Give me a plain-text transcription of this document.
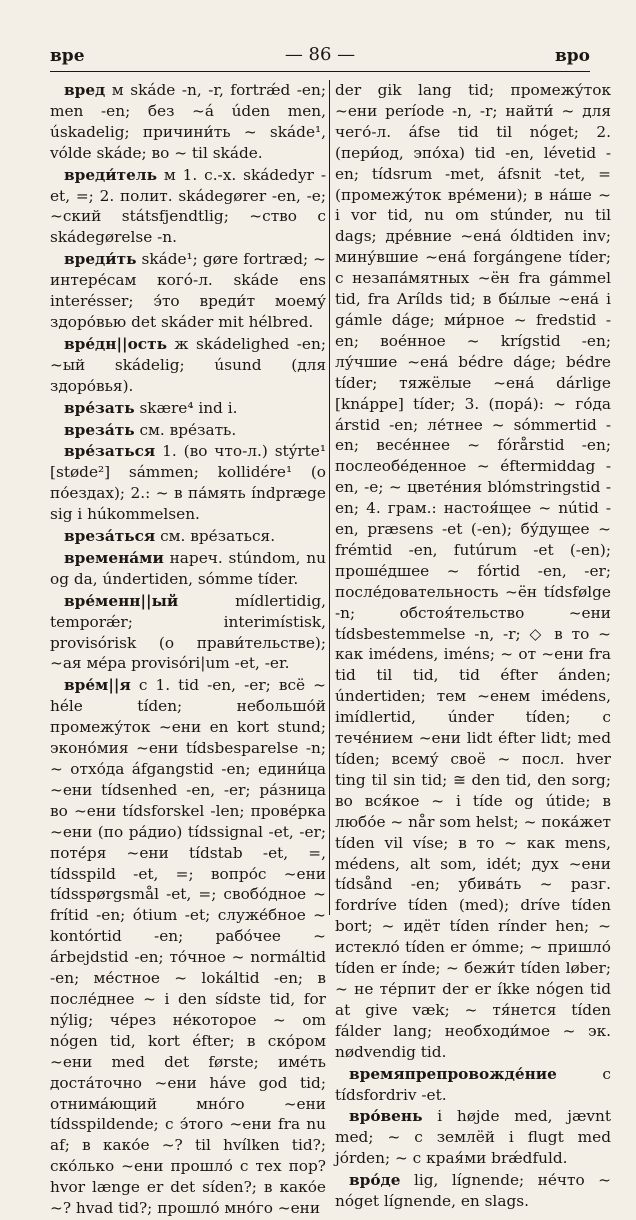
вре	— 86 —	вро

вред м skáde -n, -r, fortrǽd -en; men -en; без ~á úden men, úskadelig; причини́ть ~ skáde¹, vólde skáde; во ~ til skáde.

вреди́тель м 1. с.-х. skádedyr -et, =; 2. полит. skádegører -en, -e; ~ский státsfjendtlig; ~ство с skádegørelse -n.

вреди́ть skáde¹; gøre fortræd; ~ интере́сам когó-л. skáde ens interésser; э́то вреди́т моему́ здоро́вью det skáder mit hélbred.

вре́дн||ость ж skádelighed -en; ~ый skádelig; úsund (для здоро́вья).

вре́зать skære⁴ ind i.

вреза́ть см. вре́зать.

вре́заться 1. (во что-л.) stýrte¹ [støde²] sámmen; kollidére¹ (о по́ездах); 2.: ~ в па́мять índpræge sig i húkommelsen.

вреза́ться см. вре́заться.

времена́ми нареч. stúndom, nu og da, úndertiden, sómme tíder.

вре́менн||ый mídlertidig, temporǽr; interimístisk, provisórisk (о прави́тельстве); ~ая ме́ра provisóri|um -et, -er.

вре́м||я с 1. tid -en, -er; всё ~ héle tíden; небольшо́й промежу́ток ~ени en kort stund; эконо́мия ~ени tídsbesparelse -n; ~ отхо́да áfgangstid -en; едини́ца ~ени tídsenhed -en, -er; ра́зница во ~ени tídsforskel -len; прове́рка ~ени (по ра́дио) tídssignal -et, -er; поте́ря ~ени tídstab -et, =, tídsspild -et, =; вопро́с ~ени tídsspørgsmål -et, =; свобо́дное ~ frítid -en; ótium -et; служе́бное ~ kontórtid -en; рабо́чее ~ árbejdstid -en; то́чное ~ normáltid -en; ме́стное ~ lokáltid -en; в после́днее ~ i den sídste tid, for nýlig; че́рез не́которое ~ om nógen tid, kort éfter; в ско́ром ~ени med det første; име́ть доста́точно ~ени háve god tid; отнима́ющий мно́го ~ени tídsspildende; с э́того ~ени fra nu af; в како́е ~? til hvílken tid?; ско́лько ~ени прошло́ с тех пор? hvor længe er det síden?; в како́е ~? hvad tid?; прошло́ мно́го ~ени

der gik lang tid; промежу́ток ~ени període -n, -r; найти́ ~ для чего́-л. áfse tid til nóget; 2. (пери́од, эпо́ха) tid -en, lévetid -en; tídsrum -met, áfsnit -tet, = (промежу́ток вре́мени); в на́ше ~ i vor tid, nu om stúnder, nu til dags; дре́вние ~ена́ óldtiden inv; мину́вшие ~ена́ forgángene tíder; с незапа́мятных ~ён fra gámmel tid, fra Arílds tid; в бы́лые ~ена́ i gámle dáge; ми́рное ~ fredstid -en; вое́нное ~ krígstid -en; лу́чшие ~ена́ bédre dáge; bédre tíder; тяжёлые ~ена́ dárlige [knáppe] tíder; 3. (пора́): ~ го́да árstid -en; ле́тнее ~ sómmertid -en; весе́ннее ~ fórårstid -en; послеобе́денное ~ éftermiddag -en, -e; ~ цвете́ния blómstringstid -en; 4. грам.: настоя́щее ~ nútid -en, præsens -et (-en); бу́дущее ~ frémtid -en, futúrum -et (-en); проше́дшее ~ fórtid -en, -er; после́довательность ~ён tídsfølge -n; обстоя́тельство ~ени tídsbestemmelse -n, -r; ◇ в то ~ как imédens, iméns; ~ от ~ени fra tid til tid, tid éfter ánden; úndertiden; тем ~енем imédens, imídlertid, únder tíden; с тече́нием ~ени lidt éfter lidt; med tíden; всему́ своё ~ посл. hver ting til sin tid; ≅ den tid, den sorg; во вся́кое ~ i tíde og útide; в любо́е ~ når som helst; ~ пока́жет tíden vil víse; в то ~ как mens, médens, alt som, idét; дух ~ени tídsånd -en; убива́ть ~ разг. fordríve tíden (med); dríve tíden bort; ~ идёт tíden rínder hen; ~ истекло́ tíden er ómme; ~ пришло́ tíden er índe; ~ бежи́т tíden løber; ~ не те́рпит der er íkke nógen tid at give væk; ~ тя́нется tíden fálder lang; необходи́мое ~ эк. nødvendig tid.

времяпрепровожде́ние с tídsfordriv -et.

вро́вень i højde med, jævnt med; ~ с землёй i flugt med jórden; ~ с края́ми brǽdfuld.

вро́де lig, lígnende; не́что ~ nóget lígnende, en slags.
